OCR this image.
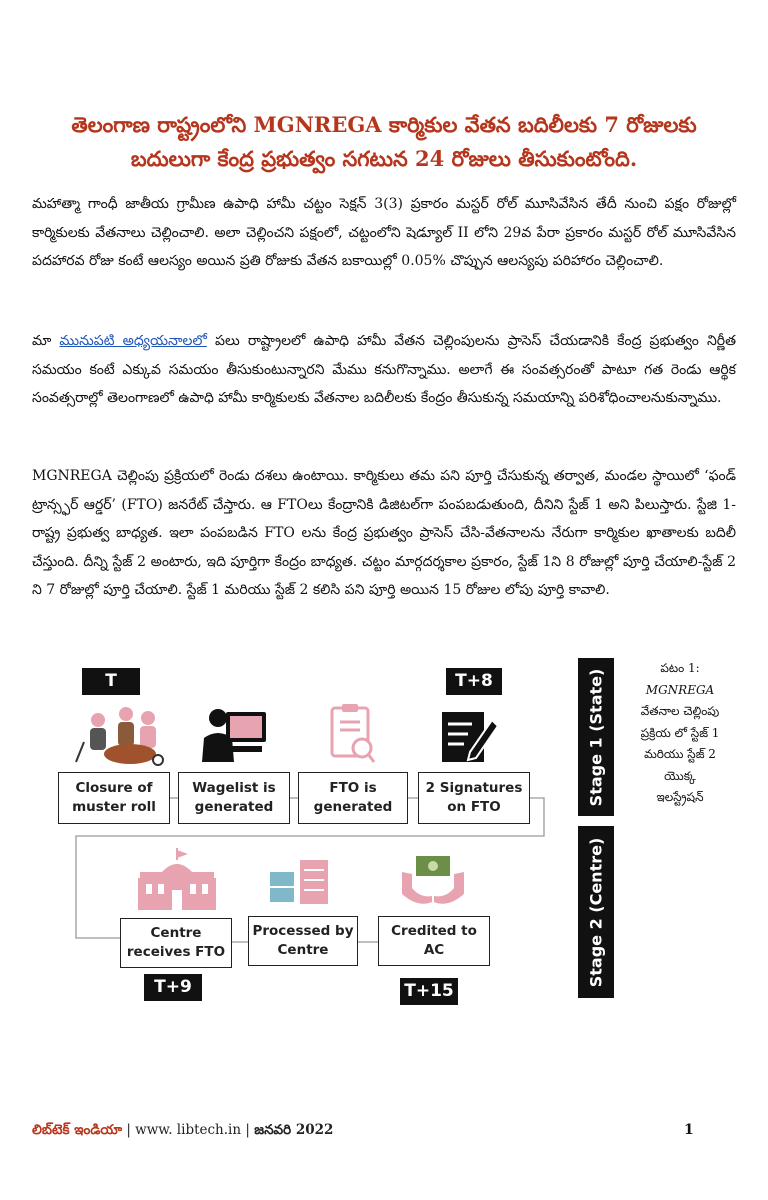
తెలంగాణ రాష్ట్రంలోని MGNREGA కార్మికుల వేతన బదిలీలకు 7 రోజులకు
బదులుగా కేంద్ర ప్రభుత్వం సగటున 24 రోజులు తీసుకుంటోంది.

మహాత్మా గాంధీ జాతీయ గ్రామీణ ఉపాధి హామీ చట్టం సెక్షన్ 3(3) ప్రకారం మస్టర్ రోల్ మూసివేసిన తేదీ నుంచి పక్షం రోజుల్లో కార్మికులకు వేతనాలు చెల్లించాలి. అలా చెల్లించని పక్షంలో, చట్టంలోని షెడ్యూల్ II లోని 29వ పేరా ప్రకారం మస్టర్ రోల్ మూసివేసిన పదహారవ రోజు కంటే ఆలస్యం అయిన ప్రతి రోజుకు వేతన బకాయిల్లో 0.05% చొప్పున ఆలస్యపు పరిహారం చెల్లించాలి.

మా మునుపటి అధ్యయనాలలో పలు రాష్ట్రాలలో ఉపాధి హామీ వేతన చెల్లింపులను ప్రాసెస్ చేయడానికి కేంద్ర ప్రభుత్వం నిర్ణీత సమయం కంటే ఎక్కువ సమయం తీసుకుంటున్నారని మేము కనుగొన్నాము. అలాగే ఈ సంవత్సరంతో పాటూ గత రెండు ఆర్థిక సంవత్సరాల్లో తెలంగాణలో ఉపాధి హామీ కార్మికులకు వేతనాల బదిలీలకు కేంద్రం తీసుకున్న సమయాన్ని పరిశోధించాలనుకున్నాము.

MGNREGA చెల్లింపు ప్రక్రియలో రెండు దశలు ఉంటాయి. కార్మికులు తమ పని పూర్తి చేసుకున్న తర్వాత, మండల స్థాయిలో ‘ఫండ్ ట్రాన్స్ఫర్ ఆర్డర్’ (FTO) జనరేట్ చేస్తారు. ఆ FTOలు కేంద్రానికి డిజిటల్‌గా పంపబడుతుంది, దీనిని స్టేజ్ 1 అని పిలుస్తారు. స్టేజి 1-రాష్ట్ర ప్రభుత్వ బాధ్యత. ఇలా పంపబడిన FTO లను కేంద్ర ప్రభుత్వం ప్రాసెస్ చేసి-వేతనాలను నేరుగా కార్మికుల ఖాతాలకు బదిలీ చేస్తుంది. దీన్ని స్టేజ్ 2 అంటారు, ఇది పూర్తిగా కేంద్రం బాధ్యత. చట్టం మార్గదర్శకాల ప్రకారం, స్టేజ్ 1ని 8 రోజుల్లో పూర్తి చేయాలి-స్టేజ్ 2 ని 7 రోజుల్లో పూర్తి చేయాలి. స్టేజ్ 1 మరియు స్టేజ్ 2 కలిసి పని పూర్తి అయిన 15 రోజుల లోపు పూర్తి కావాలి.

T	T+8
Closure of
muster roll
Wagelist is
generated
FTO is
generated
2 Signatures
on FTO
Centre
receives FTO
Processed by
Centre
Credited to
AC
T+9	T+15
Stage 1 (State)
Stage 2 (Centre)

పటం 1:
MGNREGA
వేతనాల చెల్లింపు
ప్రక్రియ లో స్టేజ్ 1
మరియు స్టేజ్ 2
యొక్క
ఇలస్ట్రేషన్

లిబ్‌టెక్ ఇండియా | www. libtech.in | జనవరి 2022	1
